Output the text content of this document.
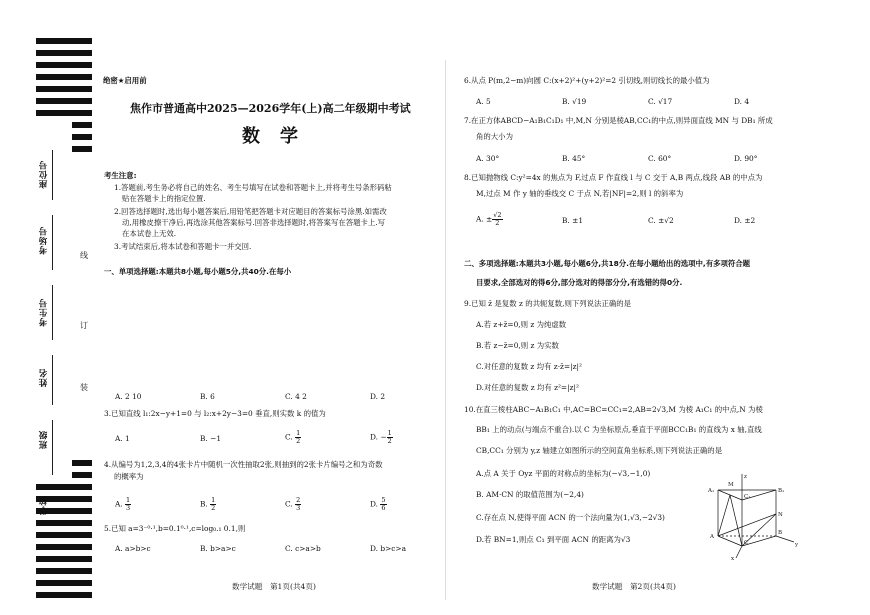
座位号
考场号
考生号
姓名
班级
学校
线
订
装
绝密★启用前
焦作市普通高中2025—2026学年(上)高二年级期中考试
数学
考生注意:
1.答题前,考生务必将自己的姓名、考生号填写在试卷和答题卡上,并将考生号条形码粘
贴在答题卡上的指定位置.
2.回答选择题时,选出每小题答案后,用铅笔把答题卡对应题目的答案标号涂黑.如需改
动,用橡皮擦干净后,再选涂其他答案标号.回答非选择题时,将答案写在答题卡上.写
在本试卷上无效.
3.考试结束后,将本试卷和答题卡一并交回.
一、单项选择题:本题共8小题,每小题5分,共40分.在每小
A. 2 10	B. 6	C. 4 2	D. 2
3.已知直线 l₁:2x−y+1=0 与 l₂:x+2y−3=0 垂直,则实数 k 的值为
A. 1	B. −1	C. $\frac{1}{2}$	D. − $\frac{1}{2}$
4.从编号为1,2,3,4的4张卡片中随机一次性抽取2张,则抽到的2张卡片编号之和为奇数
的概率为
A. $\frac{1}{3}$	B. $\frac{1}{2}$	C. $\frac{2}{3}$	D. $\frac{5}{6}$
5.已知 a=3⁻⁰·¹,b=0.1⁰·¹,c=log₀.₁ 0.1,则
A. a>b>c	B. b>a>c	C. c>a>b	D. b>c>a
数学试题　第1页(共4页)
6.从点 P(m,2−m)向圆 C:(x+2)²+(y+2)²=2 引切线,则切线长的最小值为
A. 5	B. √19	C. √17	D. 4
7.在正方体ABCD−A₁B₁C₁D₁ 中,M,N 分别是棱AB,CC₁的中点,则异面直线 MN 与 DB₁ 所成
角的大小为
A. 30°	B. 45°	C. 60°	D. 90°
8.已知抛物线 C:y²=4x 的焦点为 F,过点 F 作直线 l 与 C 交于 A,B 两点,线段 AB 的中点为
M,过点 M 作 y 轴的垂线交 C 于点 N,若|NF|=2,则 l 的斜率为
A. ± $\frac{√2}{2}$	B. ±1	C. ±√2	D. ±2
二、多项选择题:本题共3小题,每小题6分,共18分.在每小题给出的选项中,有多项符合题
目要求,全部选对的得6分,部分选对的得部分分,有选错的得0分.
9.已知 z̄ 是复数 z 的共轭复数,则下列说法正确的是
A.若 z+z̄=0,则 z 为纯虚数
B.若 z−z̄=0,则 z 为实数
C.对任意的复数 z 均有 z·z̄=|z|²
D.对任意的复数 z 均有 z²=|z|²
10.在直三棱柱ABC−A₁B₁C₁ 中,AC=BC=CC₁=2,AB=2√3,M 为棱 A₁C₁ 的中点,N 为棱
BB₁ 上的动点(与端点不重合).以 C 为坐标原点,垂直于平面BCC₁B₁ 的直线为 x 轴,直线
CB,CC₁ 分别为 y,z 轴建立如图所示的空间直角坐标系,则下列说法正确的是
A.点 A 关于 Oyz 平面的对称点的坐标为(−√3,−1,0)
B. AM·CN 的取值范围为(−2,4)
C.存在点 N,使得平面 ACN 的一个法向量为(1,√3,−2√3)
D.若 BN=1,则点 C₁ 到平面 ACN 的距离为√3
A₁
M
C₁
B₁
A
C
N
B
x
y
z
数学试题　第2页(共4页)
